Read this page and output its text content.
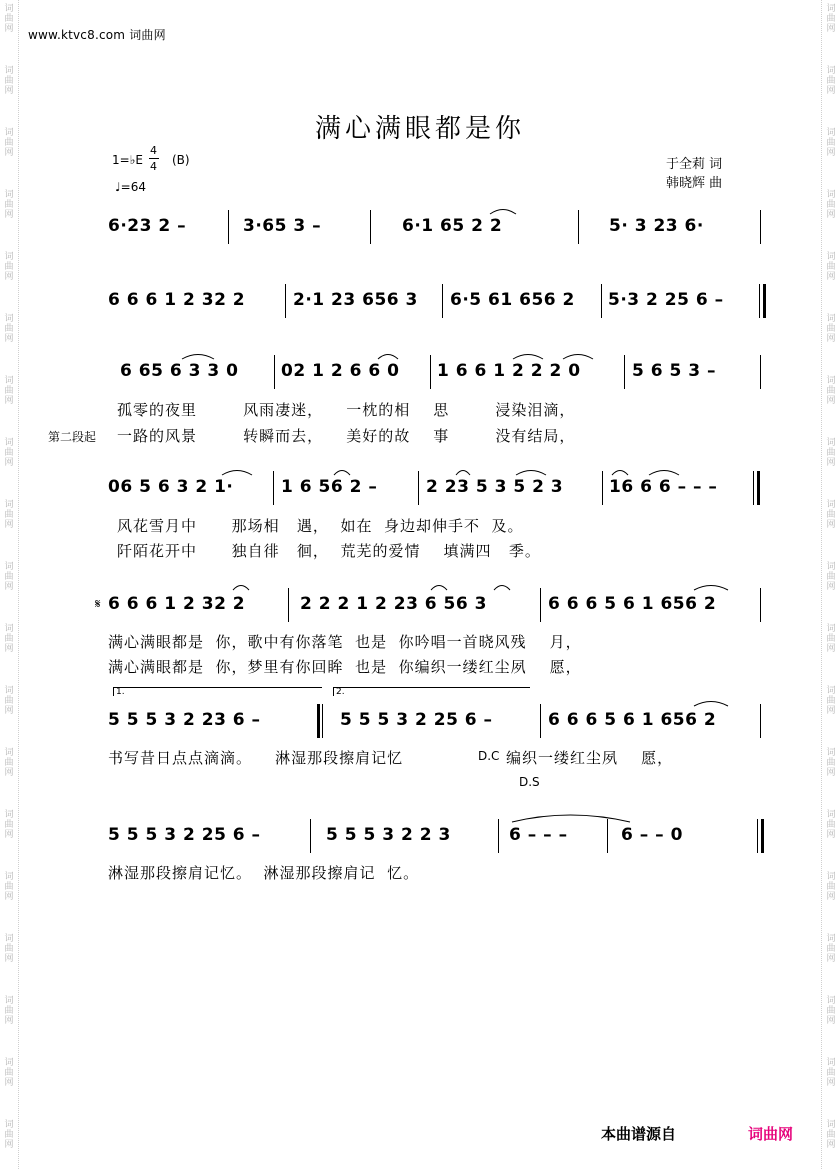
词
曲
网
词
曲
网
词
曲
网
词
曲
网
词
曲
网
词
曲
网
词
曲
网
词
曲
网
词
曲
网
词
曲
网
词
曲
网
词
曲
网
词
曲
网
词
曲
网
词
曲
网
词
曲
网
词
曲
网
词
曲
网
词
曲
网
词
曲
网
词
曲
网
词
曲
网
词
曲
网
词
曲
网
词
曲
网
词
曲
网
词
曲
网
词
曲
网
词
曲
网
词
曲
网
词
曲
网
词
曲
网
词
曲
网
词
曲
网
词
曲
网
词
曲
网
词
曲
网
词
曲
网
www.ktvc8.com 词曲网
满心满眼都是你
1=♭E
4
4 (B)
♩=64
于全莉 词
韩晓辉 曲
6·23 2 –	3·65 3 –	6·1 65 2 2	5· 3 23 6·
6 6 6 1 2 32 2	2·1 23 656 3 6·5 61 656 2 5·3 2 25 6 –
6 65 6 3 3 0	02 1 2 6 6 0 1 6 6 1 2 2 2 0	5 6 5 3 –
孤零的夜里        风雨凄迷，    一枕的相    思        浸染泪滴，
第二段起 一路的风景        转瞬而去，    美好的故    事        没有结局，
06 5 6 3 2 1·	1 6 56 2 –	2 23 5 3 5 2 3	16 6 6 – – –
风花雪月中      那场相   遇，  如在  身边却伸手不  及。
阡陌花开中      独自徘   徊，  荒芜的爱情    填满四   季。
𝄋 6 6 6 1 2 32 2	2 2 2 1 2 23 6 56 3	6 6 6 5 6 1 656 2
满心满眼都是  你，歌中有你落笔  也是  你吟唱一首晓风残    月，
满心满眼都是  你，梦里有你回眸  也是  你编织一缕红尘夙    愿，
1.	2.
5 5 5 3 2 23 6 –	5 5 5 3 2 25 6 –	6 6 6 5 6 1 656 2
书写昔日点点滴滴。    淋湿那段擦肩记忆	D.C 编织一缕红尘夙    愿，
D.S
5 5 5 3 2 25 6 –	5 5 5 3 2 2 3	6 – – –	6 – – 0
淋湿那段擦肩记忆。  淋湿那段擦肩记  忆。
本曲谱源自	词曲网
